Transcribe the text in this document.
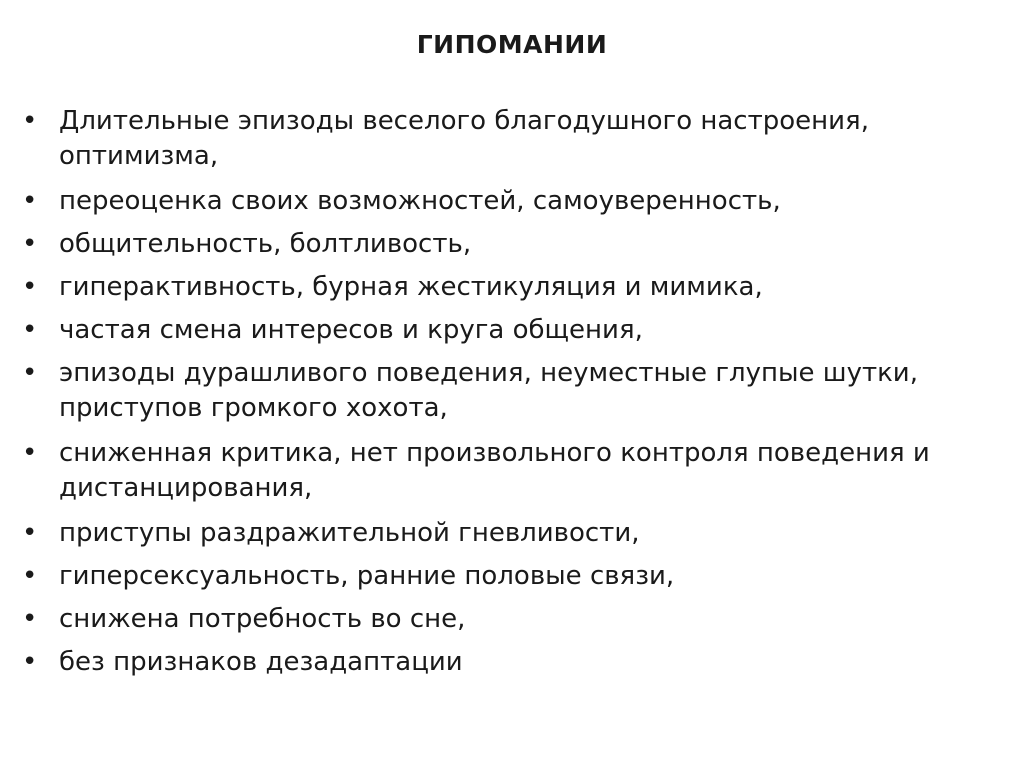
ГИПОМАНИИ
• Длительные эпизоды веселого благодушного настроения,
оптимизма,
• переоценка своих возможностей, самоуверенность,
• общительность, болтливость,
• гиперактивность, бурная жестикуляция и мимика,
• частая смена интересов и круга общения,
• эпизоды дурашливого поведения, неуместные глупые шутки,
приступов громкого хохота,
• сниженная критика, нет произвольного контроля поведения и
дистанцирования,
• приступы раздражительной гневливости,
• гиперсексуальность, ранние половые связи,
• снижена потребность во сне,
• без признаков дезадаптации
